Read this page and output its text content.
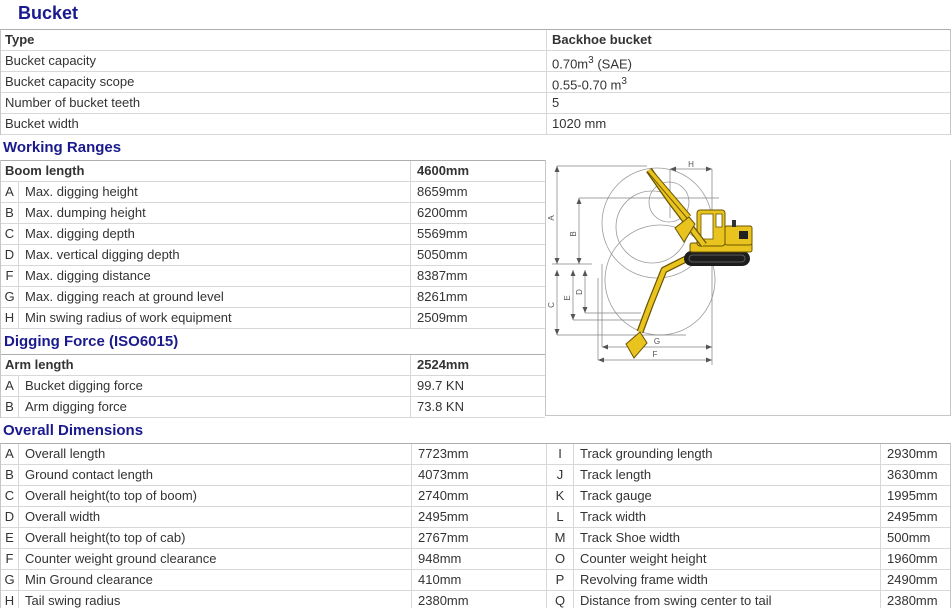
Bucket
Type	Backhoe bucket
Bucket capacity	$0.70m^3$ (SAE)
Bucket capacity scope	0.55-0.70 $m^3$
Number of bucket teeth	5
Bucket width	1020 mm
Working Ranges
Boom length	4600mm
A Max. digging height	8659mm
B Max. dumping height	6200mm
C Max. digging depth	5569mm
D Max. vertical digging depth	5050mm
F Max. digging distance	8387mm
G Max. digging reach at ground level	8261mm
H Min swing radius of work equipment	2509mm
Digging Force (ISO6015)
Arm length	2524mm
A Bucket digging force	99.7 KN
B Arm digging force	73.8 KN
A
B
C
E
D
H
G
F
Overall Dimensions
A Overall length	7723mm
B Ground contact length	4073mm
C Overall height(to top of boom)	2740mm
D Overall width	2495mm
E Overall height(to top of cab)	2767mm
F Counter weight ground clearance	948mm
G Min Ground clearance	410mm
H Tail swing radius	2380mm
I	Track grounding length	2930mm
J	Track length	3630mm
K	Track gauge	1995mm
L	Track width	2495mm
M	Track Shoe width	500mm
O	Counter weight height	1960mm
P	Revolving frame width	2490mm
Q	Distance from swing center to tail	2380mm
